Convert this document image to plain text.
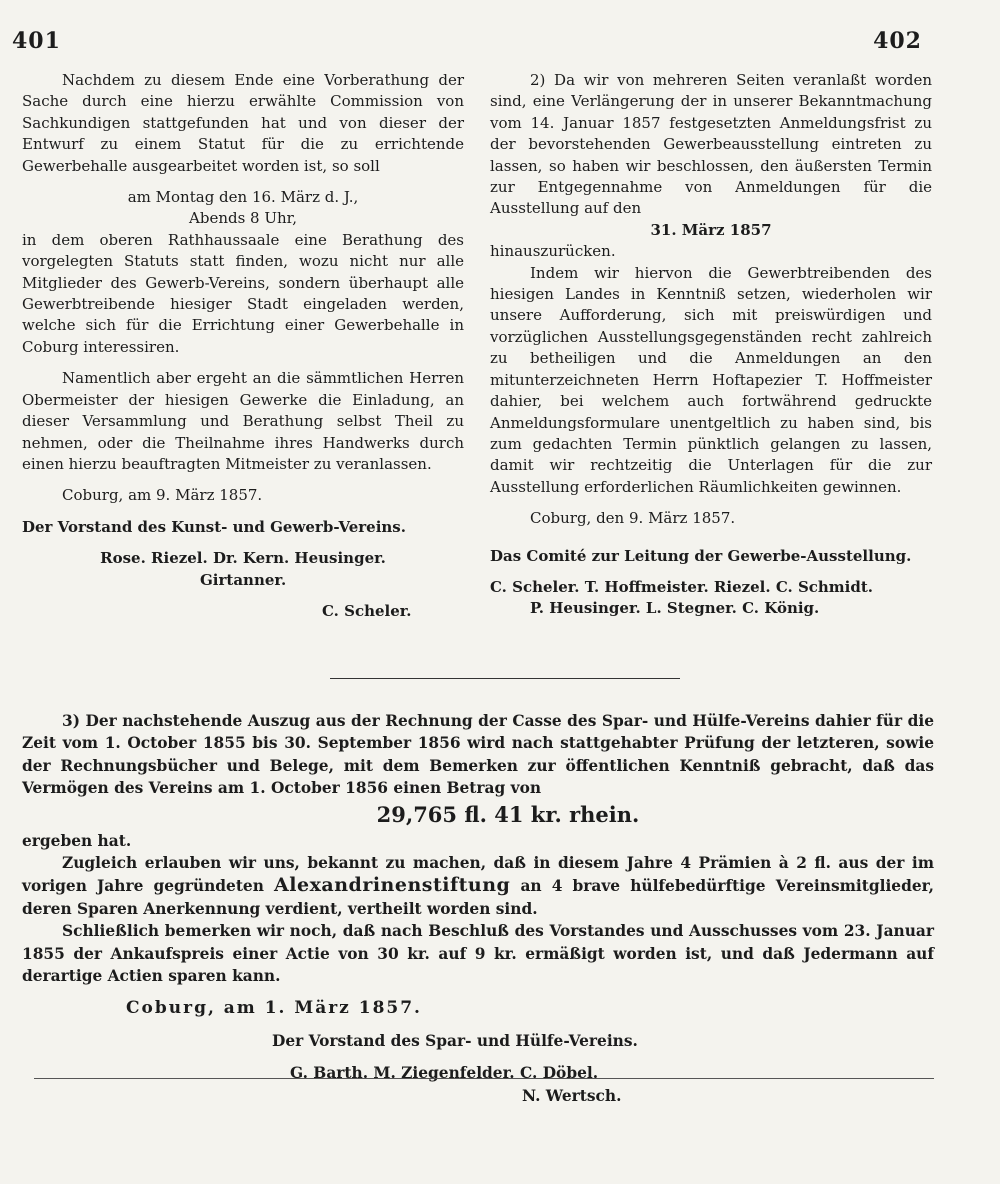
401	402

Nachdem zu diesem Ende eine Vorberathung der Sache durch eine hierzu erwählte Commission von Sachkundigen stattgefunden hat und von dieser der Entwurf zu einem Statut für die zu errichtende Gewerbehalle ausgearbeitet worden ist, so soll

am Montag den 16. März d. J.,

Abends 8 Uhr,

in dem oberen Rathhaussaale eine Berathung des vorgelegten Statuts statt finden, wozu nicht nur alle Mitglieder des Gewerb-Vereins, sondern überhaupt alle Gewerbtreibende hiesiger Stadt eingeladen werden, welche sich für die Errichtung einer Gewerbehalle in Coburg interessiren.

Namentlich aber ergeht an die sämmtlichen Herren Obermeister der hiesigen Gewerke die Einladung, an dieser Versammlung und Berathung selbst Theil zu nehmen, oder die Theilnahme ihres Handwerks durch einen hierzu beauftragten Mitmeister zu veranlassen.

Coburg, am 9. März 1857.

Der Vorstand des Kunst- und Gewerb-Vereins.

Rose. Riezel. Dr. Kern. Heusinger.

Girtanner.

C. Scheler.

2) Da wir von mehreren Seiten veranlaßt worden sind, eine Verlängerung der in unserer Bekanntmachung vom 14. Januar 1857 festgesetzten Anmeldungsfrist zu der bevorstehenden Gewerbeausstellung eintreten zu lassen, so haben wir beschlossen, den äußersten Termin zur Entgegennahme von Anmeldungen für die Ausstellung auf den

31. März 1857

hinauszurücken.

Indem wir hiervon die Gewerbtreibenden des hiesigen Landes in Kenntniß setzen, wiederholen wir unsere Aufforderung, sich mit preiswürdigen und vorzüglichen Ausstellungsgegenständen recht zahlreich zu betheiligen und die Anmeldungen an den mitunterzeichneten Herrn Hoftapezier T. Hoffmeister dahier, bei welchem auch fortwährend gedruckte Anmeldungsformulare unentgeltlich zu haben sind, bis zum gedachten Termin pünktlich gelangen zu lassen, damit wir rechtzeitig die Unterlagen für die zur Ausstellung erforderlichen Räumlichkeiten gewinnen.

Coburg, den 9. März 1857.

Das Comité zur Leitung der Gewerbe-Ausstellung.

C. Scheler. T. Hoffmeister. Riezel. C. Schmidt.

P. Heusinger. L. Stegner. C. König.

3) Der nachstehende Auszug aus der Rechnung der Casse des Spar- und Hülfe-Vereins dahier für die Zeit vom 1. October 1855 bis 30. September 1856 wird nach stattgehabter Prüfung der letzteren, sowie der Rechnungsbücher und Belege, mit dem Bemerken zur öffentlichen Kenntniß gebracht, daß das Vermögen des Vereins am 1. October 1856 einen Betrag von

29,765 fl. 41 kr. rhein.

ergeben hat.

Zugleich erlauben wir uns, bekannt zu machen, daß in diesem Jahre 4 Prämien à 2 fl. aus der im vorigen Jahre gegründeten Alexandrinenstiftung an 4 brave hülfebedürftige Vereinsmitglieder, deren Sparen Anerkennung verdient, vertheilt worden sind.

Schließlich bemerken wir noch, daß nach Beschluß des Vorstandes und Ausschusses vom 23. Januar 1855 der Ankaufspreis einer Actie von 30 kr. auf 9 kr. ermäßigt worden ist, und daß Jedermann auf derartige Actien sparen kann.

Coburg, am 1. März 1857.

Der Vorstand des Spar- und Hülfe-Vereins.

G. Barth. M. Ziegenfelder. C. Döbel.

N. Wertsch.
